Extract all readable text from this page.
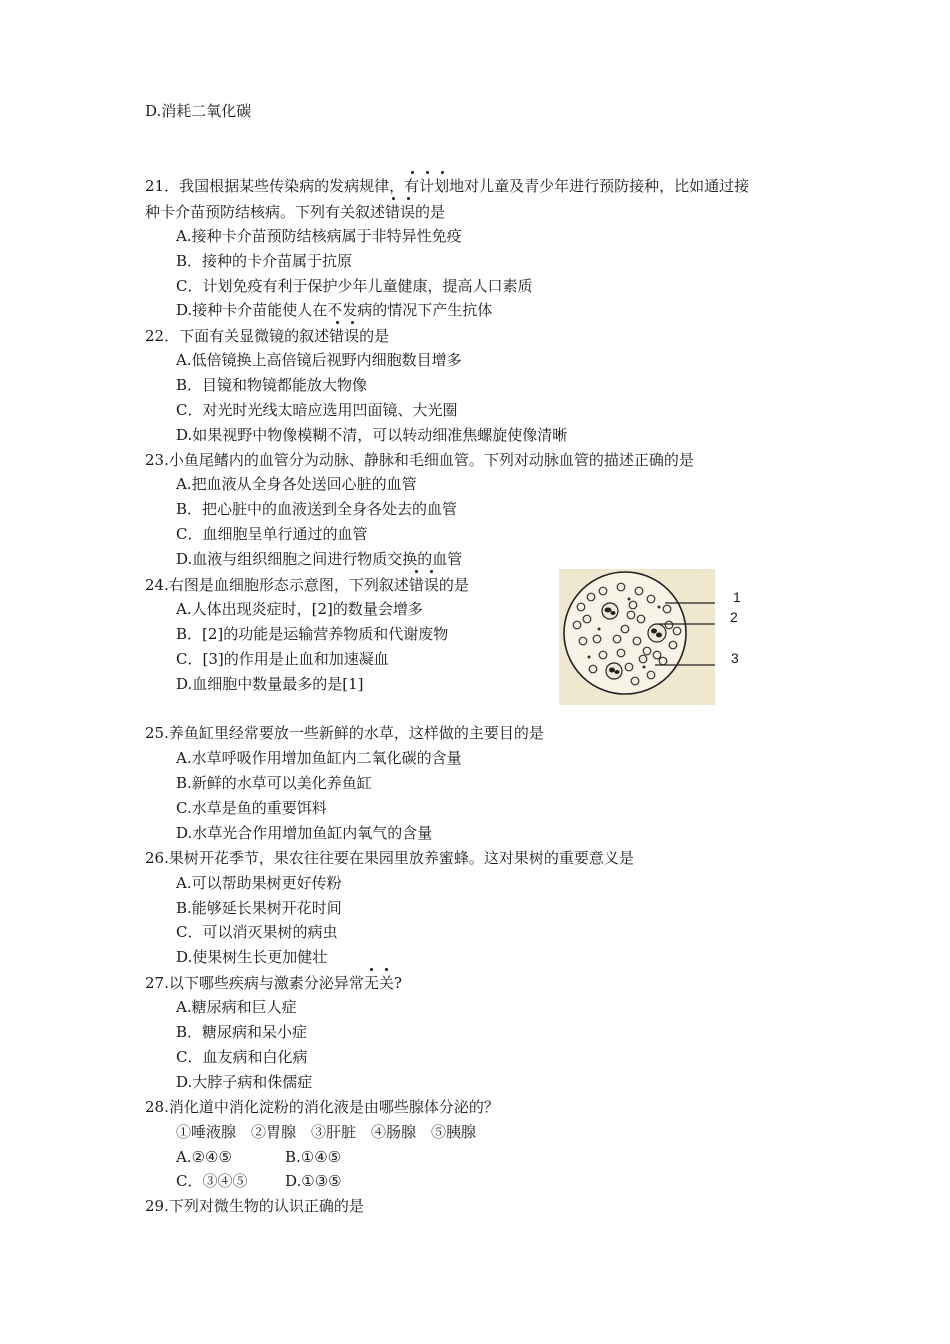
D.消耗二氧化碳
21．我国根据某些传染病的发病规律，有计划地对儿童及青少年进行预防接种，比如通过接
种卡介苗预防结核病。下列有关叙述错误的是
A.接种卡介苗预防结核病属于非特异性免疫
B．接种的卡介苗属于抗原
C．计划免疫有利于保护少年儿童健康，提高人口素质
D.接种卡介苗能使人在不发病的情况下产生抗体
22．下面有关显微镜的叙述错误的是
A.低倍镜换上高倍镜后视野内细胞数目增多
B．目镜和物镜都能放大物像
C．对光时光线太暗应选用凹面镜、大光圈
D.如果视野中物像模糊不清，可以转动细准焦螺旋使像清晰
23.小鱼尾鳍内的血管分为动脉、静脉和毛细血管。下列对动脉血管的描述正确的是
A.把血液从全身各处送回心脏的血管
B．把心脏中的血液送到全身各处去的血管
C．血细胞呈单行通过的血管
D.血液与组织细胞之间进行物质交换的血管
24.右图是血细胞形态示意图，下列叙述错误的是
A.人体出现炎症时，[2]的数量会增多
B．[2]的功能是运输营养物质和代谢废物
C．[3]的作用是止血和加速凝血
D.血细胞中数量最多的是[1]
1
2
3
25.养鱼缸里经常要放一些新鲜的水草，这样做的主要目的是
A.水草呼吸作用增加鱼缸内二氧化碳的含量
B.新鲜的水草可以美化养鱼缸
C.水草是鱼的重要饵料
D.水草光合作用增加鱼缸内氧气的含量
26.果树开花季节，果农往往要在果园里放养蜜蜂。这对果树的重要意义是
A.可以帮助果树更好传粉
B.能够延长果树开花时间
C．可以消灭果树的病虫
D.使果树生长更加健壮
27.以下哪些疾病与激素分泌异常无关?
A.糖尿病和巨人症
B．糖尿病和呆小症
C．血友病和白化病
D.大脖子病和侏儒症
28.消化道中消化淀粉的消化液是由哪些腺体分泌的？
①唾液腺　②胃腺　③肝脏　④肠腺　⑤胰腺
A.②④⑤	B.①④⑤
C．③④⑤	D.①③⑤
29.下列对微生物的认识正确的是
